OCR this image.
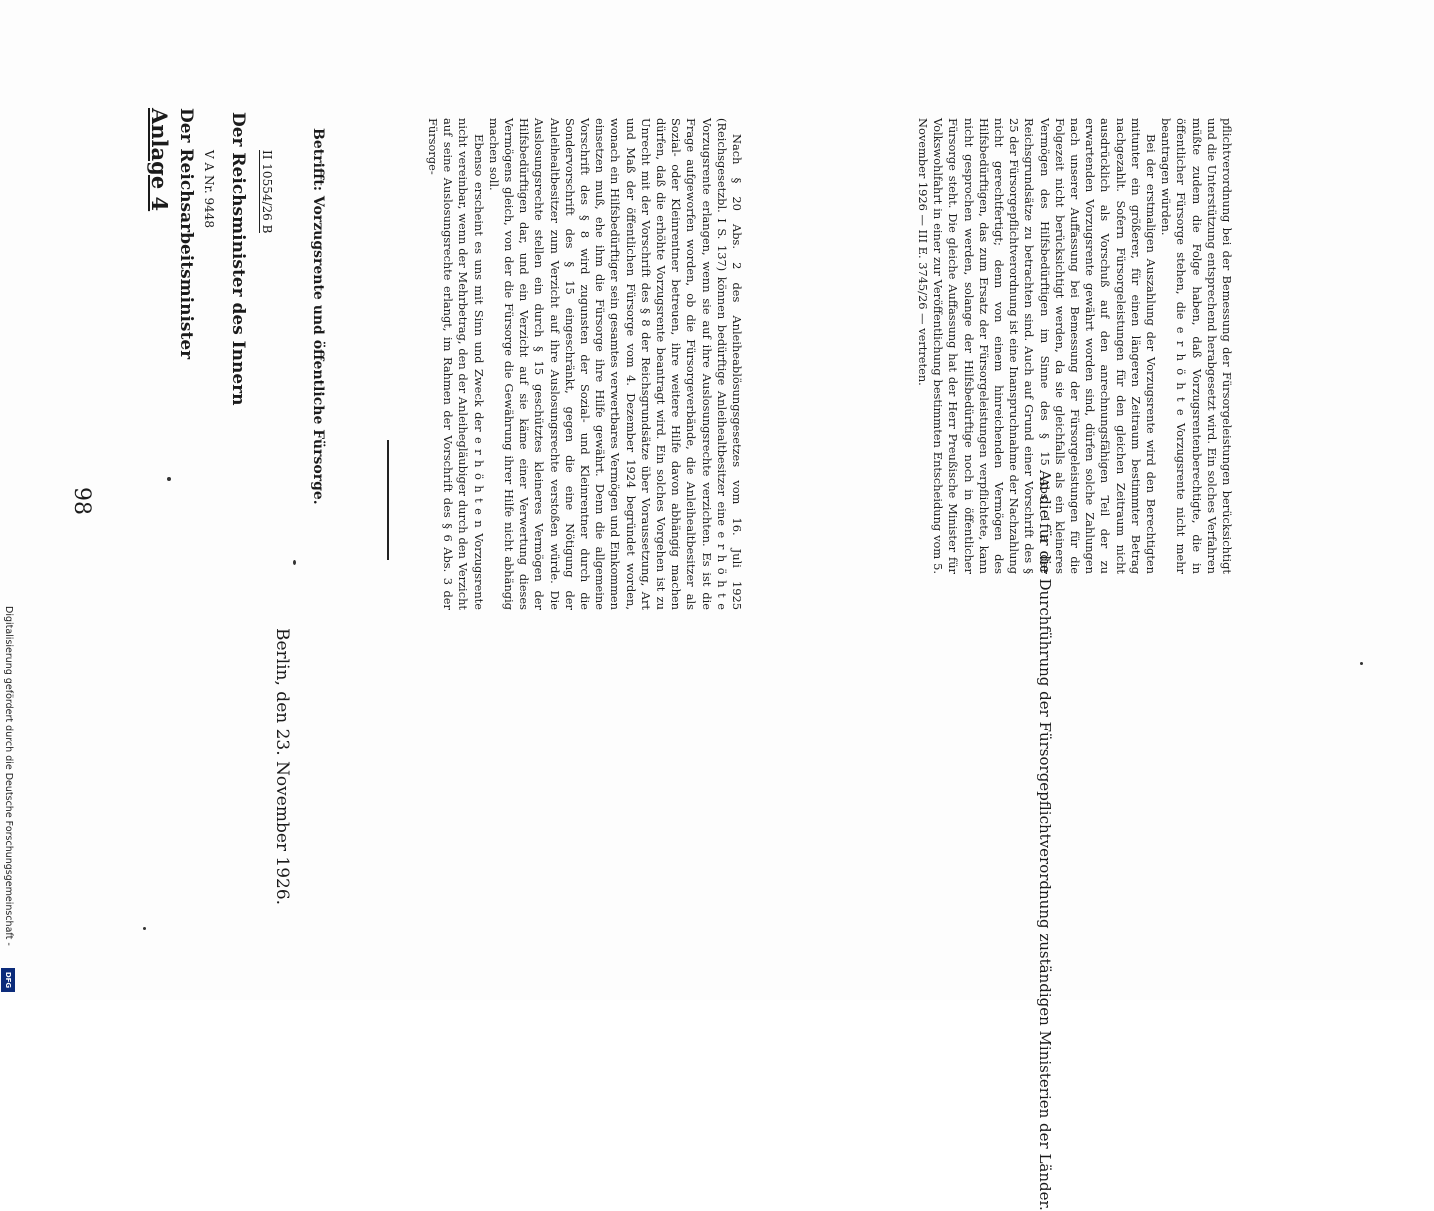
Anlage 4 Der Reichsarbeitsminister V A Nr. 9448 Der Reichsminister des Innern II 10554/26 B
98
Berlin, den 23. November 1926.
Betrifft: Vorzugsrente und öffentliche Fürsorge.	Nach § 20 Abs. 2 des Anleiheablösungsgesetzes vom 16. Juli 1925 (Reichsgesetzbl. I S. 137) können bedürftige Anleihealtbesitzer eine e r h ö h t e Vorzugsrente erlangen, wenn sie auf ihre Auslosungsrechte verzichten. Es ist die Frage aufgeworfen worden, ob die Fürsorgeverbände, die Anleihealtbesitzer als Sozial- oder Kleinrentner betreuen, ihre weitere Hilfe davon abhängig machen dürfen, daß die erhöhte Vorzugsrente beantragt wird. Ein solches Vorgehen ist zu Unrecht mit der Vorschrift des § 8 der Reichsgrundsätze über Voraussetzung, Art und Maß der öffentlichen Fürsorge vom 4. Dezember 1924 begründet worden, wonach ein Hilfsbedürftiger sein gesamtes verwertbares Vermögen und Einkommen einsetzen muß, ehe ihm die Fürsorge ihre Hilfe gewährt. Denn die allgemeine Vorschrift des § 8 wird zugunsten der Sozial- und Kleinrentner durch die Sondervorschrift des § 15 eingeschränkt, gegen die eine Nötigung der Anleihealtbesitzer zum Verzicht auf ihre Auslosungsrechte verstoßen würde. Die Auslosungsrechte stellen ein durch § 15 geschütztes kleineres Vermögen der Hilfsbedürftigen dar, und ein Verzicht auf sie käme einer Verwertung dieses Vermögens gleich, von der die Fürsorge die Gewährung ihrer Hilfe nicht abhängig machen soll.

Ebenso erscheint es uns mit Sinn und Zweck der e r h ö h t e n Vorzugsrente nicht vereinbar, wenn der Mehrbetrag, den der Anleihegläubiger durch den Verzicht auf seine Auslosungsrechte erlangt, im Rahmen der Vorschrift des § 6 Abs. 3 der Fürsorge-	pflichtverordnung bei der Bemessung der Fürsorgeleistungen berücksichtigt und die Unterstützung entsprechend herabgesetzt wird. Ein solches Verfahren müßte zudem die Folge haben, daß Vorzugsrentenberechtigte, die in öffentlicher Fürsorge stehen, die e r h ö h t e Vorzugsrente nicht mehr beantragen würden.

Bei der erstmaligen Auszahlung der Vorzugsrente wird den Berechtigten mitunter ein größerer, für einen längeren Zeitraum bestimmter Betrag nachgezahlt. Sofern Fürsorgeleistungen für den gleichen Zeitraum nicht ausdrücklich als Vorschuß auf den anrechnungsfähigen Teil der zu erwartenden Vorzugsrente gewährt worden sind, dürfen solche Zahlungen nach unserer Auffassung bei Bemessung der Fürsorgeleistungen für die Folgezeit nicht berücksichtigt werden, da sie gleichfalls als ein kleineres Vermögen des Hilfsbedürftigen im Sinne des § 15 Abs. 1 a der Reichsgrundsätze zu betrachten sind. Auch auf Grund einer Vorschrift des § 25 der Fürsorgepflichtverordnung ist eine Inanspruchnahme der Nachzahlung nicht gerechtfertigt; denn von einem hinreichenden Vermögen des Hilfsbedürftigen, das zum Ersatz der Fürsorgeleistungen verpflichtete, kann nicht gesprochen werden, solange der Hilfsbedürftige noch in öffentlicher Fürsorge steht. Die gleiche Auffassung hat der Herr Preußische Minister für Volkswohlfahrt in einer zur Veröffentlichung bestimmten Entscheidung vom 5. November 1926 — III E. 3745/26 — vertreten.

An die für die Durchführung der Fürsorgepflichtverordnung zuständigen Ministerien der Länder.
Digitalisierung gefördert durch die Deutsche Forschungsgemeinschaft -
DFG
